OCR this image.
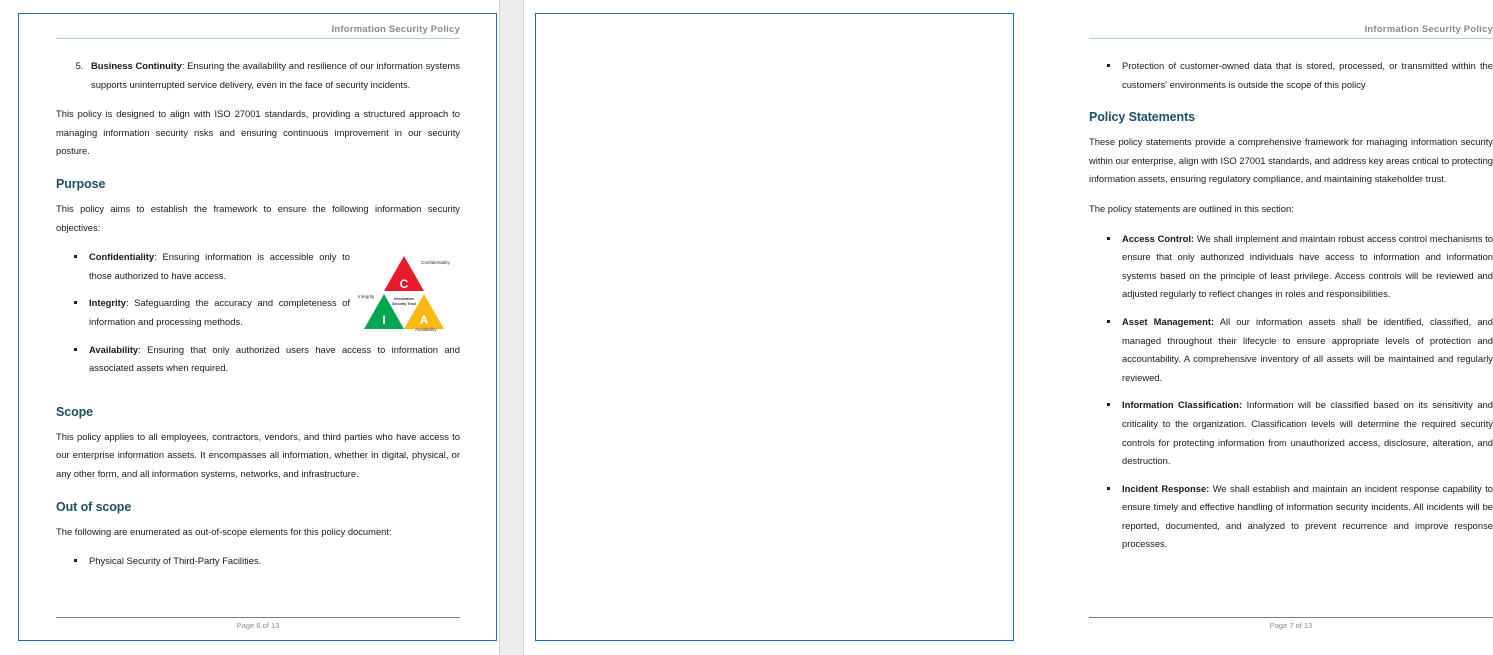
Information Security Policy
5. Business Continuity: Ensuring the availability and resilience of our information systems supports uninterrupted service delivery, even in the face of security incidents.

This policy is designed to align with ISO 27001 standards, providing a structured approach to managing information security risks and ensuring continuous improvement in our security posture.

Purpose

This policy aims to establish the framework to ensure the following information security objectives:

C
I	A
Information
Security Triad
Confidentiality
Integrity
Availability
Confidentiality: Ensuring information is accessible only to those authorized to have access.
Integrity: Safeguarding the accuracy and completeness of information and processing methods.
Availability: Ensuring that only authorized users have access to information and associated assets when required.
Scope

This policy applies to all employees, contractors, vendors, and third parties who have access to our enterprise information assets. It encompasses all information, whether in digital, physical, or any other form, and all information systems, networks, and infrastructure.

Out of scope

The following are enumerated as out-of-scope elements for this policy document:

Physical Security of Third-Party Facilities.
Page 6 of 13
Information Security Policy
Protection of customer-owned data that is stored, processed, or transmitted within the customers' environments is outside the scope of this policy
Policy Statements

These policy statements provide a comprehensive framework for managing information security within our enterprise, align with ISO 27001 standards, and address key areas critical to protecting information assets, ensuring regulatory compliance, and maintaining stakeholder trust.

The policy statements are outlined in this section:

Access Control: We shall implement and maintain robust access control mechanisms to ensure that only authorized individuals have access to information and information systems based on the principle of least privilege. Access controls will be reviewed and adjusted regularly to reflect changes in roles and responsibilities.
Asset Management: All our information assets shall be identified, classified, and managed throughout their lifecycle to ensure appropriate levels of protection and accountability. A comprehensive inventory of all assets will be maintained and regularly reviewed.
Information Classification: Information will be classified based on its sensitivity and criticality to the organization. Classification levels will determine the required security controls for protecting information from unauthorized access, disclosure, alteration, and destruction.
Incident Response: We shall establish and maintain an incident response capability to ensure timely and effective handling of information security incidents. All incidents will be reported, documented, and analyzed to prevent recurrence and improve response processes.
Page 7 of 13
